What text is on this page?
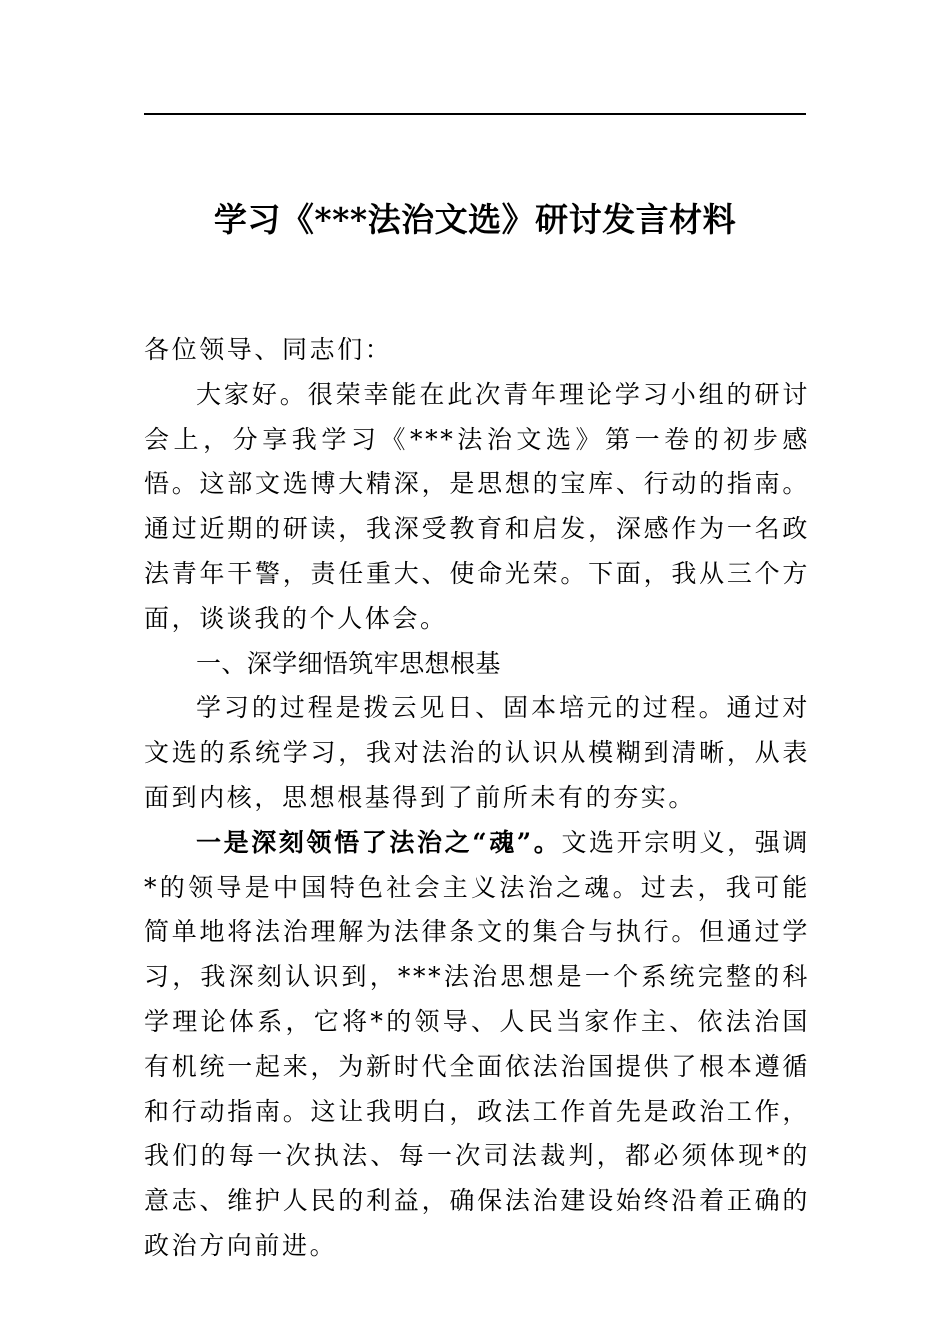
学习《***法治文选》研讨发言材料

各位领导、同志们：

大家好。很荣幸能在此次青年理论学习小组的研讨会上，分享我学习《***法治文选》第一卷的初步感悟。这部文选博大精深，是思想的宝库、行动的指南。通过近期的研读，我深受教育和启发，深感作为一名政法青年干警，责任重大、使命光荣。下面，我从三个方面，谈谈我的个人体会。

一、深学细悟筑牢思想根基

学习的过程是拨云见日、固本培元的过程。通过对文选的系统学习，我对法治的认识从模糊到清晰，从表面到内核，思想根基得到了前所未有的夯实。

一是深刻领悟了法治之“魂”。文选开宗明义，强调*的领导是中国特色社会主义法治之魂。过去，我可能简单地将法治理解为法律条文的集合与执行。但通过学习，我深刻认识到，***法治思想是一个系统完整的科学理论体系，它将*的领导、人民当家作主、依法治国有机统一起来，为新时代全面依法治国提供了根本遵循和行动指南。这让我明白，政法工作首先是政治工作，我们的每一次执法、每一次司法裁判，都必须体现*的意志、维护人民的利益，确保法治建设始终沿着正确的政治方向前进。
